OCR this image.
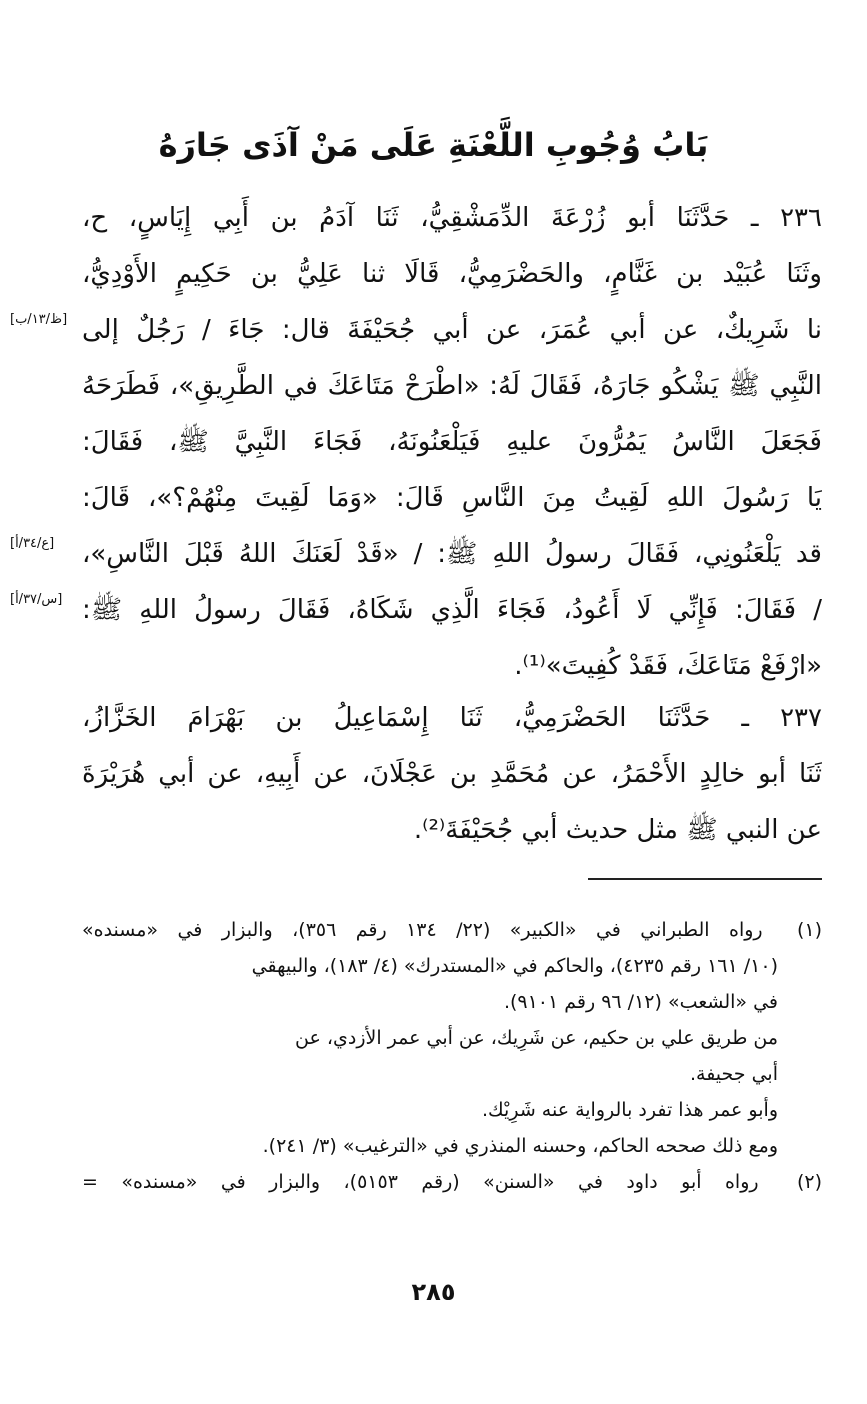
بَابُ وُجُوبِ اللَّعْنَةِ عَلَى مَنْ آذَى جَارَهُ
٢٣٦ ـ حَدَّثَنَا أبو زُرْعَةَ الدِّمَشْقِيُّ، ثَنَا آدَمُ بن أَبِي إِيَاسٍ، ح،
وثَنَا عُبَيْد بن غَنَّامٍ، والحَضْرَمِيُّ، قَالَا ثنا عَلِيُّ بن حَكِيمٍ الأَوْدِيُّ،
نا شَرِيكٌ، عن أبي عُمَرَ، عن أبي جُحَيْفَةَ قال: جَاءَ / رَجُلٌ إلى
النَّبِي ﷺ يَشْكُو جَارَهُ، فَقَالَ لَهُ: «اطْرَحْ مَتَاعَكَ في الطَّرِيقِ»، فَطَرَحَهُ
فَجَعَلَ النَّاسُ يَمُرُّونَ عليهِ فَيَلْعَنُونَهُ، فَجَاءَ النَّبِيَّ ﷺ، فَقَالَ:
يَا رَسُولَ اللهِ لَقِيتُ مِنَ النَّاسِ قَالَ: «وَمَا لَقِيتَ مِنْهُمْ؟»، قَالَ:
قد يَلْعَنُونِي، فَقَالَ رسولُ اللهِ ﷺ: / «قَدْ لَعَنَكَ اللهُ قَبْلَ النَّاسِ»،
/ فَقَالَ: فَإِنِّي لَا أَعُودُ، فَجَاءَ الَّذِي شَكَاهُ، فَقَالَ رسولُ اللهِ ﷺ:
«ارْفَعْ مَتَاعَكَ، فَقَدْ كُفِيتَ»⁽¹⁾.
[ظ/١٣/ب]
[ع/٣٤/أ]
[س/٣٧/أ]
٢٣٧ ـ حَدَّثَنَا الحَضْرَمِيُّ، ثَنَا إِسْمَاعِيلُ بن بَهْرَامَ الخَزَّازُ،
ثَنَا أبو خالِدٍ الأَحْمَرُ، عن مُحَمَّدِ بن عَجْلَانَ، عن أَبِيهِ، عن أبي هُرَيْرَةَ
عن النبي ﷺ مثل حديث أبي جُحَيْفَةَ⁽²⁾.
(١) رواه الطبراني في «الكبير» (٢٢/ ١٣٤ رقم ٣٥٦)، والبزار في «مسنده»
(١٠/ ١٦١ رقم ٤٢٣٥)، والحاكم في «المستدرك» (٤/ ١٨٣)، والبيهقي
في «الشعب» (١٢/ ٩٦ رقم ٩١٠١).
من طريق علي بن حكيم، عن شَرِيك، عن أبي عمر الأزدي، عن
أبي جحيفة.
وأبو عمر هذا تفرد بالرواية عنه شَرِيْك.
ومع ذلك صححه الحاكم، وحسنه المنذري في «الترغيب» (٣/ ٢٤١).
(٢) رواه أبو داود في «السنن» (رقم ٥١٥٣)، والبزار في «مسنده» =
٢٨٥
